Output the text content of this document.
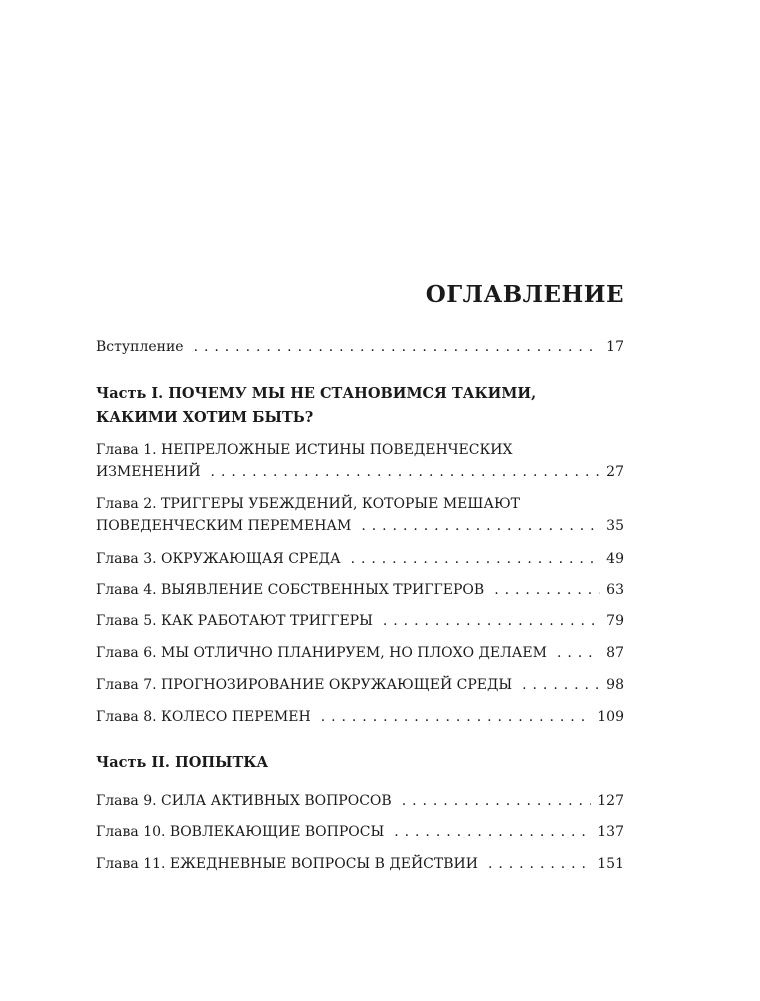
ОГЛАВЛЕНИЕ
Вступление . . .	17
Часть I. ПОЧЕМУ МЫ НЕ СТАНОВИМСЯ ТАКИМИ,
КАКИМИ ХОТИМ БЫТЬ?
Глава 1. НЕПРЕЛОЖНЫЕ ИСТИНЫ ПОВЕДЕНЧЕСКИХ
ИЗМЕНЕНИЙ . . .	27
Глава 2. ТРИГГЕРЫ УБЕЖДЕНИЙ, КОТОРЫЕ МЕШАЮТ
ПОВЕДЕНЧЕСКИМ ПЕРЕМЕНАМ . . .	35
Глава 3. ОКРУЖАЮЩАЯ СРЕДА . . .	49
Глава 4. ВЫЯВЛЕНИЕ СОБСТВЕННЫХ ТРИГГЕРОВ . . .	63
Глава 5. КАК РАБОТАЮТ ТРИГГЕРЫ . . .	79
Глава 6. МЫ ОТЛИЧНО ПЛАНИРУЕМ, НО ПЛОХО ДЕЛАЕМ . . .	87
Глава 7. ПРОГНОЗИРОВАНИЕ ОКРУЖАЮЩЕЙ СРЕДЫ . . .	98
Глава 8. КОЛЕСО ПЕРЕМЕН . . .	109
Часть II. ПОПЫТКА
Глава 9. СИЛА АКТИВНЫХ ВОПРОСОВ . . .	127
Глава 10. ВОВЛЕКАЮЩИЕ ВОПРОСЫ . . .	137
Глава 11. ЕЖЕДНЕВНЫЕ ВОПРОСЫ В ДЕЙСТВИИ . . .	151
